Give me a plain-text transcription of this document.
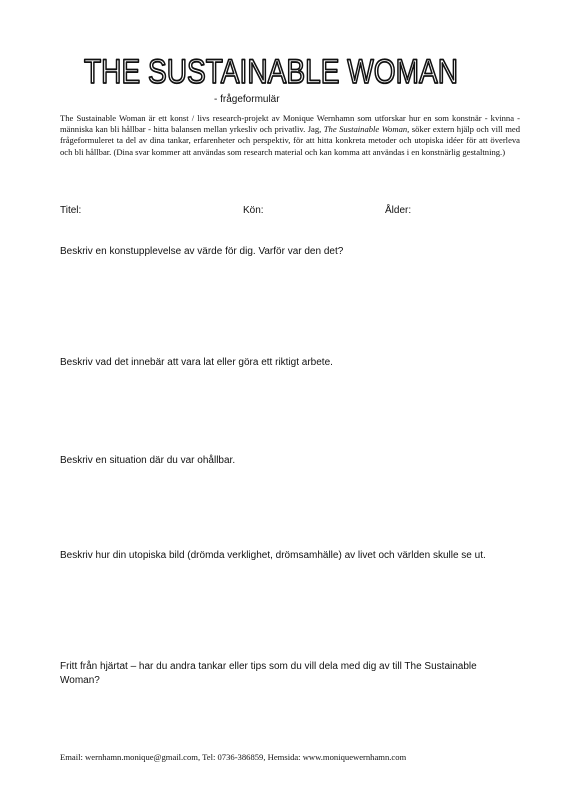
THE SUSTAINABLE WOMAN
- frågeformulär
The Sustainable Woman är ett konst / livs research-projekt av Monique Wernhamn som utforskar hur en som konstnär - kvinna - människa kan bli hållbar - hitta balansen mellan yrkesliv och privatliv. Jag, The Sustainable Woman, söker extern hjälp och vill med frågeformuleret ta del av dina tankar, erfarenheter och perspektiv, för att hitta konkreta metoder och utopiska idéer för att överleva och bli hållbar. (Dina svar kommer att användas som research material och kan komma att användas i en konstnärlig gestaltning.)
Titel:	Kön:	Ålder:
Beskriv en konstupplevelse av värde för dig. Varför var den det?
Beskriv vad det innebär att vara lat eller göra ett riktigt arbete.
Beskriv en situation där du var ohållbar.
Beskriv hur din utopiska bild (drömda verklighet, drömsamhälle) av livet och världen skulle se ut.
Fritt från hjärtat – har du andra tankar eller tips som du vill dela med dig av till The Sustainable Woman?
Email: wernhamn.monique@gmail.com, Tel: 0736-386859, Hemsida: www.moniquewernhamn.com
